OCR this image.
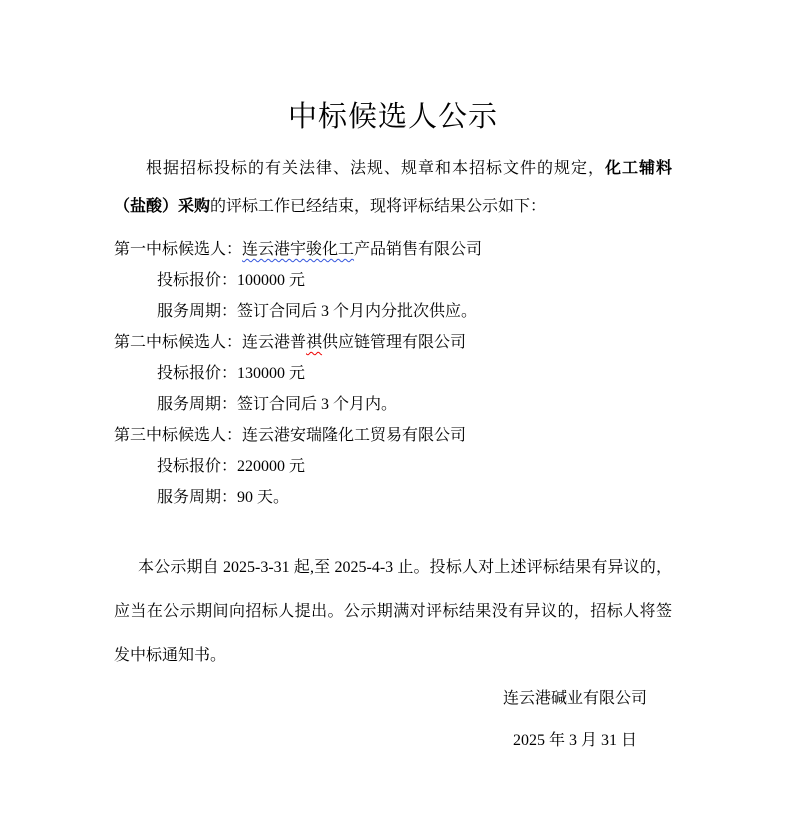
中标候选人公示

根据招标投标的有关法律、法规、规章和本招标文件的规定，化工辅料（盐酸）采购的评标工作已经结束，现将评标结果公示如下：

第一中标候选人：连云港宇骏化工产品销售有限公司
投标报价：100000 元
服务周期：签订合同后 3 个月内分批次供应。
第二中标候选人：连云港普祺供应链管理有限公司
投标报价：130000 元
服务周期：签订合同后 3 个月内。
第三中标候选人：连云港安瑞隆化工贸易有限公司
投标报价：220000 元
服务周期：90 天。

本公示期自 2025-3-31 起,至 2025-4-3 止。投标人对上述评标结果有异议的，应当在公示期间向招标人提出。公示期满对评标结果没有异议的，招标人将签发中标通知书。

连云港碱业有限公司
2025 年 3 月 31 日
